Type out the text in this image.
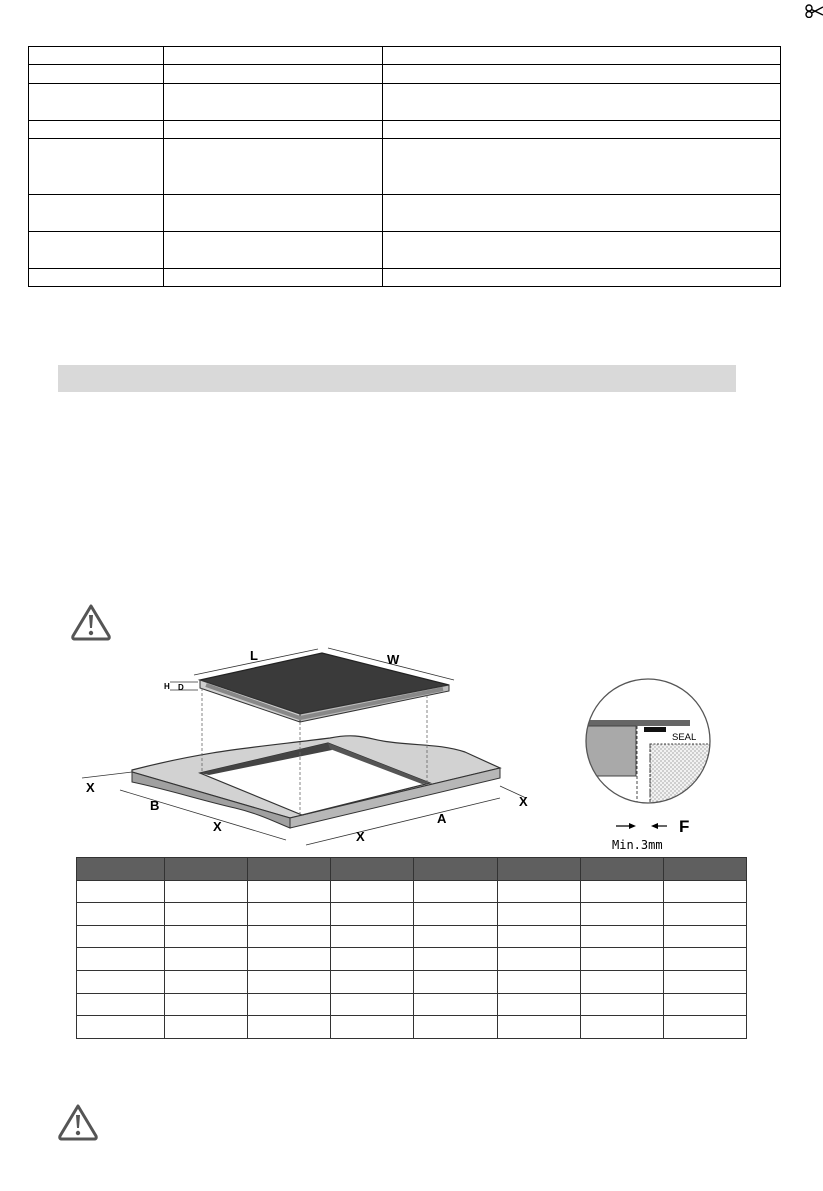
L	W
H D
X
B
X
X
A
X
SEAL
F
Min.3mm
